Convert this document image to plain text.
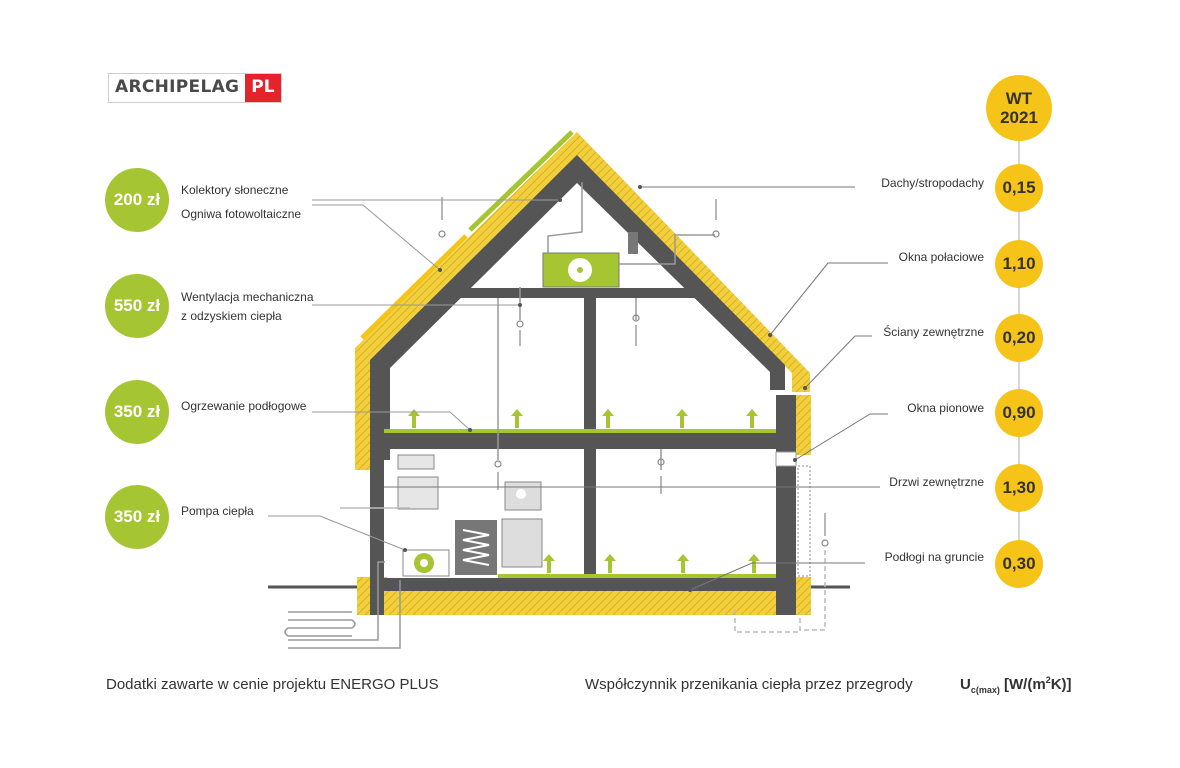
ARCHIPELAG PL
WT
2021
200 zł	Kolektory słoneczne
Ogniwa fotowoltaiczne
550 zł	Wentylacja mechaniczna
z odzyskiem ciepła
350 zł	Ogrzewanie podłogowe
350 zł	Pompa ciepła
Dachy/stropodachy	0,15
Okna połaciowe	1,10
Ściany zewnętrzne	0,20
Okna pionowe	0,90
Drzwi zewnętrzne	1,30
Podłogi na gruncie	0,30
Dodatki zawarte w cenie projektu ENERGO PLUS	Współczynnik przenikania ciepła przez przegrody	$U_{c(max)}$ $[W/(m^2K)]$
